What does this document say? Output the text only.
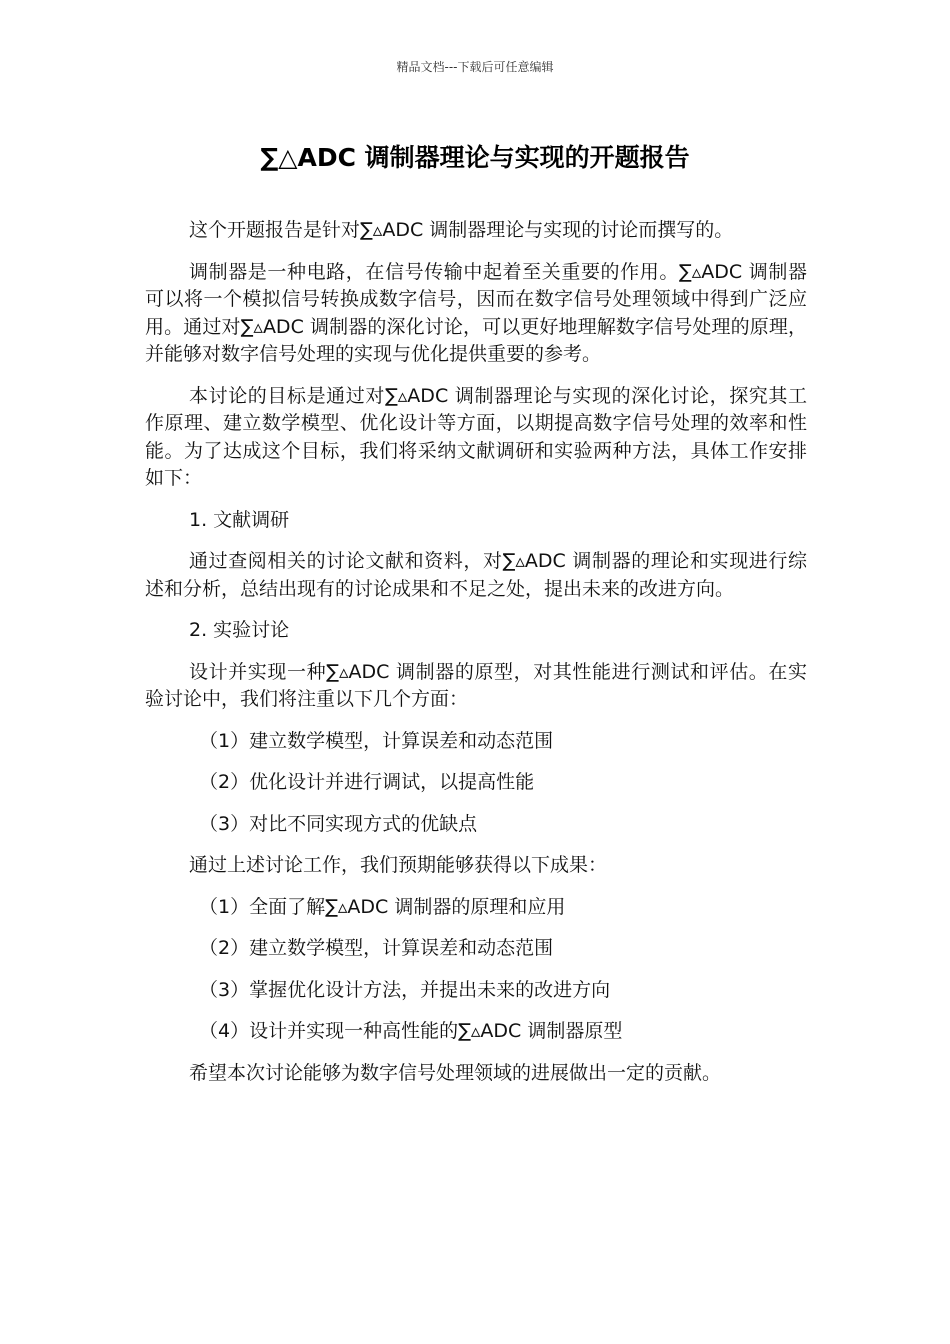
精品文档---下载后可任意编辑
∑△ADC 调制器理论与实现的开题报告

这个开题报告是针对∑▵ADC 调制器理论与实现的讨论而撰写的。

调制器是一种电路，在信号传输中起着至关重要的作用。∑▵ADC 调制器可以将一个模拟信号转换成数字信号，因而在数字信号处理领域中得到广泛应用。通过对∑▵ADC 调制器的深化讨论，可以更好地理解数字信号处理的原理，并能够对数字信号处理的实现与优化提供重要的参考。

本讨论的目标是通过对∑▵ADC 调制器理论与实现的深化讨论，探究其工作原理、建立数学模型、优化设计等方面，以期提高数字信号处理的效率和性能。为了达成这个目标，我们将采纳文献调研和实验两种方法，具体工作安排如下：

1. 文献调研

通过查阅相关的讨论文献和资料，对∑▵ADC 调制器的理论和实现进行综述和分析，总结出现有的讨论成果和不足之处，提出未来的改进方向。

2. 实验讨论

设计并实现一种∑▵ADC 调制器的原型，对其性能进行测试和评估。在实验讨论中，我们将注重以下几个方面：

（1）建立数学模型，计算误差和动态范围

（2）优化设计并进行调试，以提高性能

（3）对比不同实现方式的优缺点

通过上述讨论工作，我们预期能够获得以下成果：

（1）全面了解∑▵ADC 调制器的原理和应用

（2）建立数学模型，计算误差和动态范围

（3）掌握优化设计方法，并提出未来的改进方向

（4）设计并实现一种高性能的∑▵ADC 调制器原型

希望本次讨论能够为数字信号处理领域的进展做出一定的贡献。
